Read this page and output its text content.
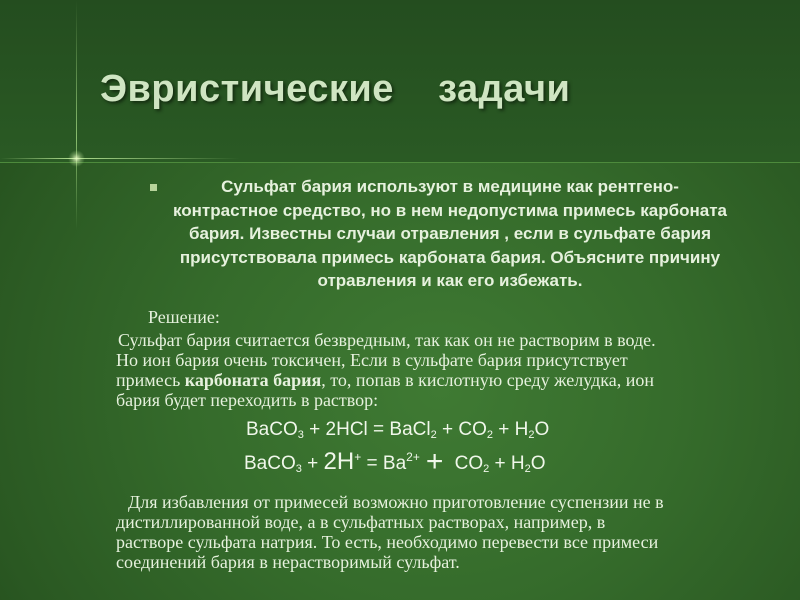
Эвристические    задачи

Сульфат бария используют в медицине как рентгено-
контрастное средство, но в нем недопустима примесь карбоната
бария. Известны случаи отравления , если в сульфате бария
присутствовала примесь карбоната бария. Объясните причину
отравления и как его избежать.

Решение:

Сульфат бария считается безвредным, так как он не растворим в воде.
Но ион бария очень токсичен, Если в сульфате бария присутствует
примесь карбоната бария, то, попав в кислотную среду желудка, ион
бария будет переходить в раствор:

BaCO$_3$ + 2HCl = BaCl$_2$ + $CO_2 + H_2O$

BaCO$_3$ + $2H^+ = Ba^{2+} + CO_2 + H_2O$

Для избавления от примесей возможно приготовление суспензии не в
дистиллированной воде, а в сульфатных растворах, например, в
растворе сульфата натрия. То есть, необходимо перевести все примеси
соединений бария в нерастворимый сульфат.
